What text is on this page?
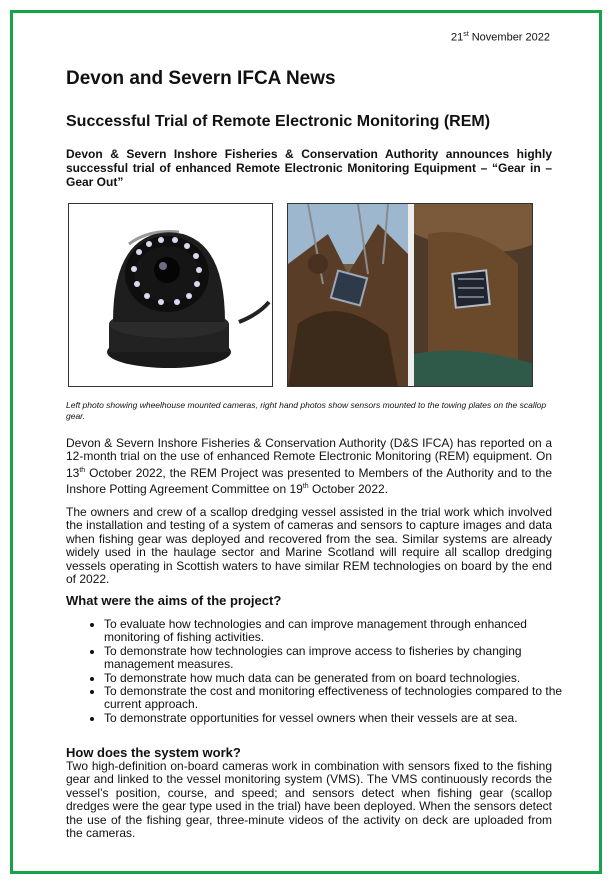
21st November 2022
Devon and Severn IFCA News
Successful Trial of Remote Electronic Monitoring (REM)

Devon & Severn Inshore Fisheries & Conservation Authority announces highly successful trial of enhanced Remote Electronic Monitoring Equipment – “Gear in – Gear Out”

Left photo showing wheelhouse mounted cameras, right hand photos show sensors mounted to the towing plates on the scallop gear.

Devon & Severn Inshore Fisheries & Conservation Authority (D&S IFCA) has reported on a 12-month trial on the use of enhanced Remote Electronic Monitoring (REM) equipment. On 13th October 2022, the REM Project was presented to Members of the Authority and to the Inshore Potting Agreement Committee on 19th October 2022.

The owners and crew of a scallop dredging vessel assisted in the trial work which involved the installation and testing of a system of cameras and sensors to capture images and data when fishing gear was deployed and recovered from the sea. Similar systems are already widely used in the haulage sector and Marine Scotland will require all scallop dredging vessels operating in Scottish waters to have similar REM technologies on board by the end of 2022.

What were the aims of the project?

• To evaluate how technologies and can improve management through enhanced monitoring of fishing activities.
• To demonstrate how technologies can improve access to fisheries by changing management measures.
• To demonstrate how much data can be generated from on board technologies.
• To demonstrate the cost and monitoring effectiveness of technologies compared to the current approach.
• To demonstrate opportunities for vessel owners when their vessels are at sea.

How does the system work?

Two high-definition on-board cameras work in combination with sensors fixed to the fishing gear and linked to the vessel monitoring system (VMS). The VMS continuously records the vessel’s position, course, and speed; and sensors detect when fishing gear (scallop dredges were the gear type used in the trial) have been deployed. When the sensors detect the use of the fishing gear, three-minute videos of the activity on deck are uploaded from the cameras.
